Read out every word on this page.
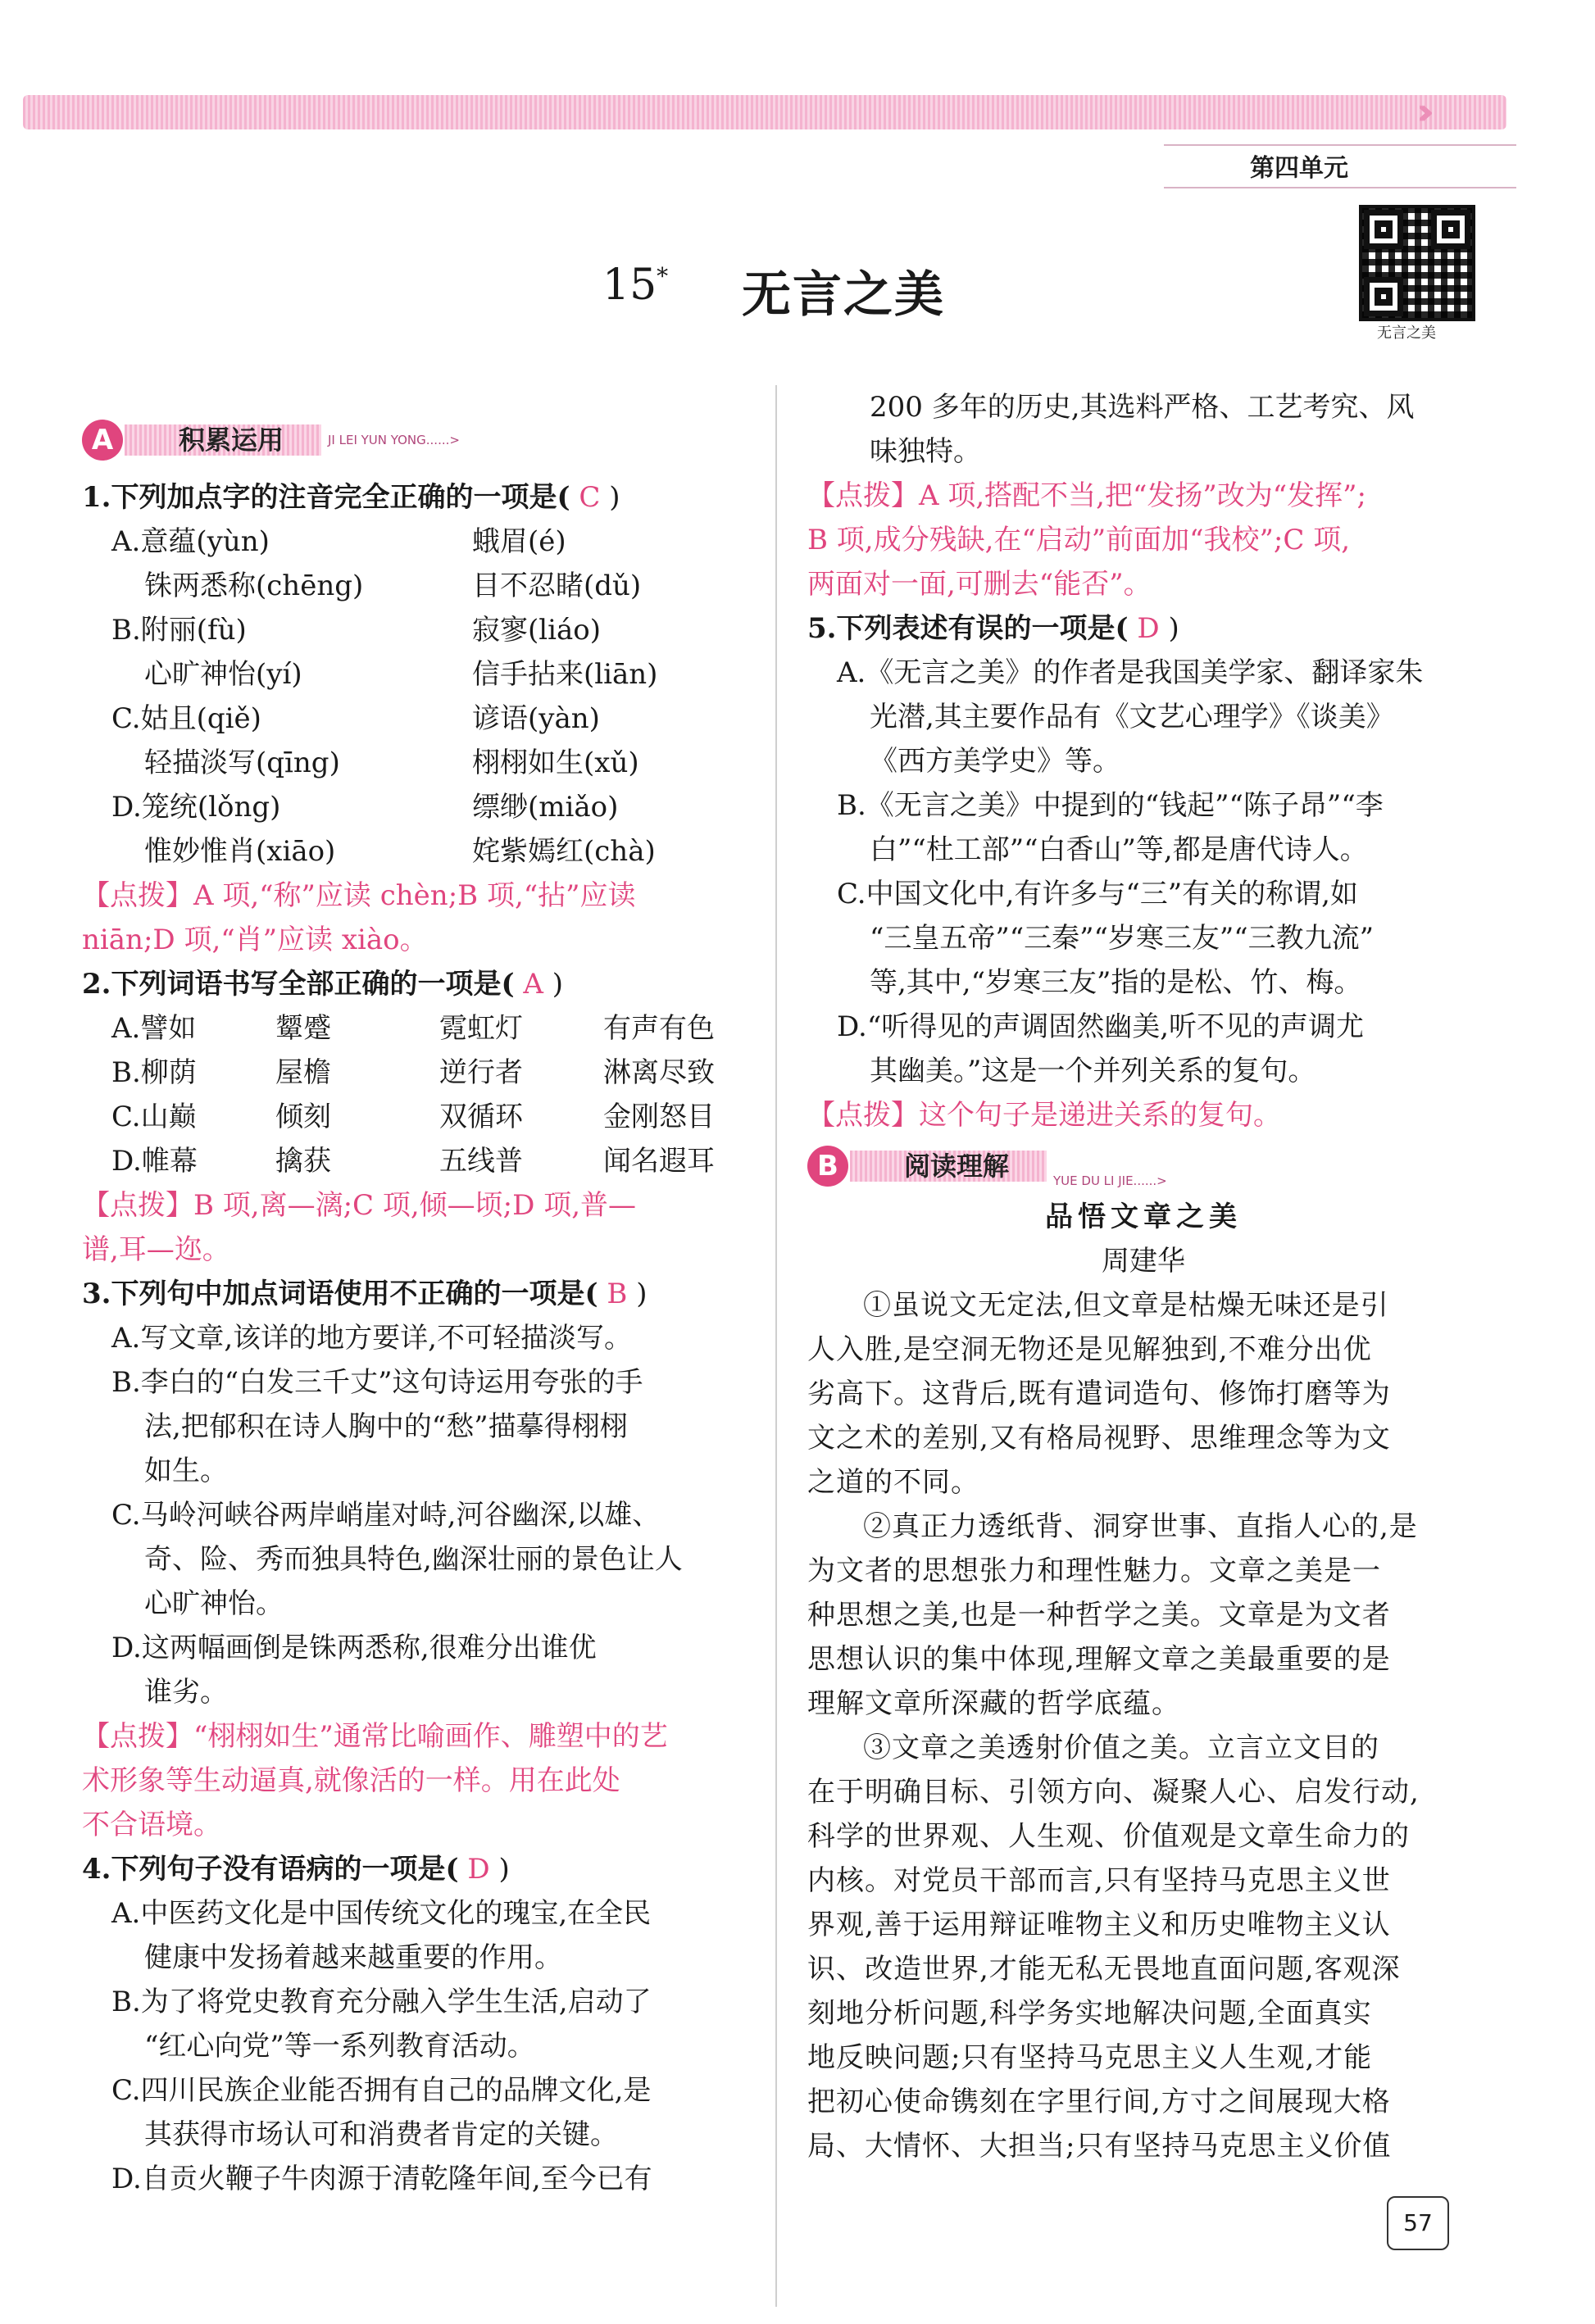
››››
第四单元
无言之美
15* 无言之美
A	积累运用	JI LEI YUN YONG......>
1.下列加点字的注音完全正确的一项是( C )
A.意蕴(yùn)	蛾眉(é)
铢两悉称(chēng)	目不忍睹(dǔ)
B.附丽(fù)	寂寥(liáo)
心旷神怡(yí)	信手拈来(liān)
C.姑且(qiě)	谚语(yàn)
轻描淡写(qīng)	栩栩如生(xǔ)
D.笼统(lǒng)	缥缈(miǎo)
惟妙惟肖(xiāo)	姹紫嫣红(chà)
【点拨】A 项,“称”应读 chèn;B 项,“拈”应读
niān;D 项,“肖”应读 xiào。
2.下列词语书写全部正确的一项是( A )
A.譬如	颦蹙	霓虹灯	有声有色
B.柳荫	屋檐	逆行者	淋离尽致
C.山巅	倾刻	双循环	金刚怒目
D.帷幕	擒获	五线普	闻名遐耳
【点拨】B 项,离—漓;C 项,倾—顷;D 项,普—
谱,耳—迩。
3.下列句中加点词语使用不正确的一项是( B )
A.写文章,该详的地方要详,不可轻描淡写。
B.李白的“白发三千丈”这句诗运用夸张的手
法,把郁积在诗人胸中的“愁”描摹得栩栩
如生。
C.马岭河峡谷两岸峭崖对峙,河谷幽深,以雄、
奇、险、秀而独具特色,幽深壮丽的景色让人
心旷神怡。
D.这两幅画倒是铢两悉称,很难分出谁优
谁劣。
【点拨】“栩栩如生”通常比喻画作、雕塑中的艺
术形象等生动逼真,就像活的一样。用在此处
不合语境。
4.下列句子没有语病的一项是( D )
A.中医药文化是中国传统文化的瑰宝,在全民
健康中发扬着越来越重要的作用。
B.为了将党史教育充分融入学生生活,启动了
“红心向党”等一系列教育活动。
C.四川民族企业能否拥有自己的品牌文化,是
其获得市场认可和消费者肯定的关键。
D.自贡火鞭子牛肉源于清乾隆年间,至今已有
200 多年的历史,其选料严格、工艺考究、风
味独特。
【点拨】A 项,搭配不当,把“发扬”改为“发挥”;
B 项,成分残缺,在“启动”前面加“我校”;C 项,
两面对一面,可删去“能否”。
5.下列表述有误的一项是( D )
A.《无言之美》的作者是我国美学家、翻译家朱
光潜,其主要作品有《文艺心理学》《谈美》
《西方美学史》等。
B.《无言之美》中提到的“钱起”“陈子昂”“李
白”“杜工部”“白香山”等,都是唐代诗人。
C.中国文化中,有许多与“三”有关的称谓,如
“三皇五帝”“三秦”“岁寒三友”“三教九流”
等,其中,“岁寒三友”指的是松、竹、梅。
D.“听得见的声调固然幽美,听不见的声调尤
其幽美。”这是一个并列关系的复句。
【点拨】这个句子是递进关系的复句。
B	阅读理解	YUE DU LI JIE......>
品悟文章之美
周建华
①虽说文无定法,但文章是枯燥无味还是引
人入胜,是空洞无物还是见解独到,不难分出优
劣高下。这背后,既有遣词造句、修饰打磨等为
文之术的差别,又有格局视野、思维理念等为文
之道的不同。
②真正力透纸背、洞穿世事、直指人心的,是
为文者的思想张力和理性魅力。文章之美是一
种思想之美,也是一种哲学之美。文章是为文者
思想认识的集中体现,理解文章之美最重要的是
理解文章所深藏的哲学底蕴。
③文章之美透射价值之美。立言立文目的
在于明确目标、引领方向、凝聚人心、启发行动,
科学的世界观、人生观、价值观是文章生命力的
内核。对党员干部而言,只有坚持马克思主义世
界观,善于运用辩证唯物主义和历史唯物主义认
识、改造世界,才能无私无畏地直面问题,客观深
刻地分析问题,科学务实地解决问题,全面真实
地反映问题;只有坚持马克思主义人生观,才能
把初心使命镌刻在字里行间,方寸之间展现大格
局、大情怀、大担当;只有坚持马克思主义价值
57
